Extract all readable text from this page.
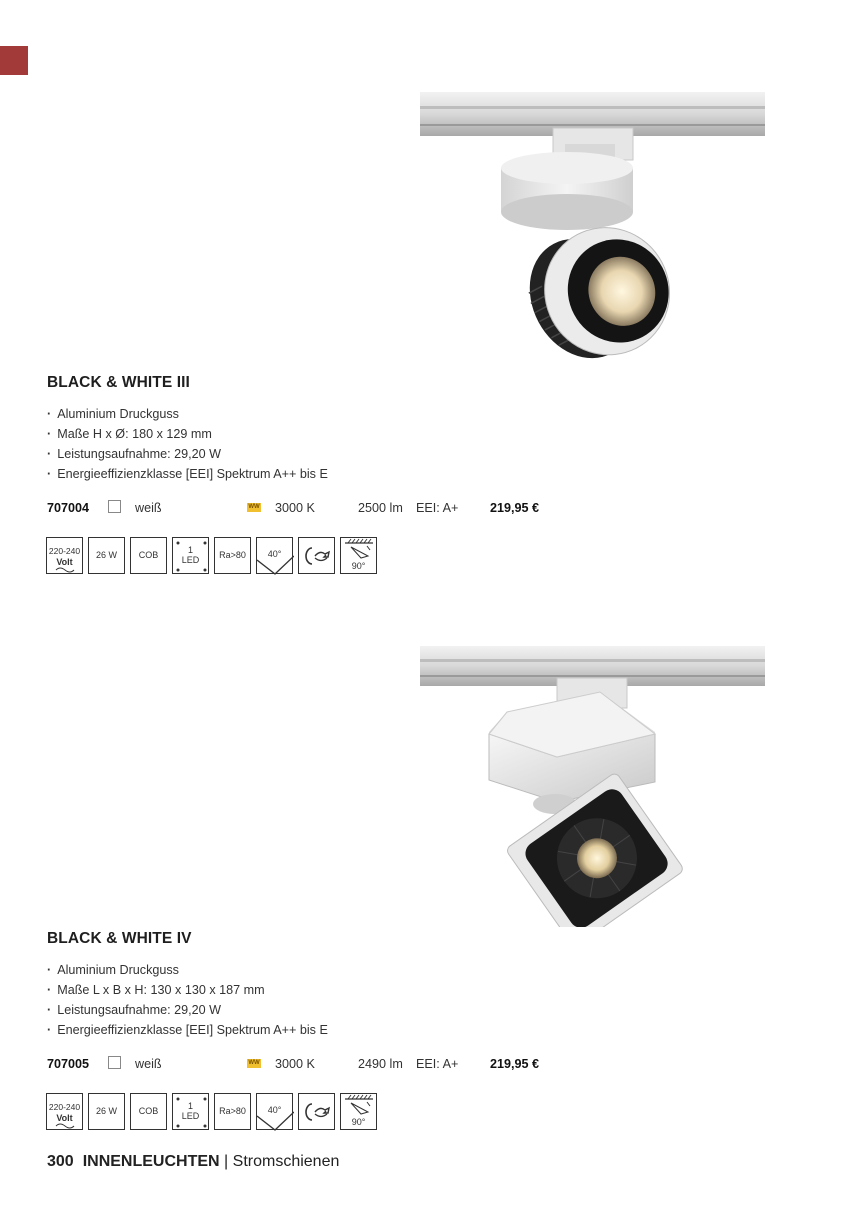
BLACK & WHITE III
· Aluminium Druckguss
· Maße H x Ø: 180 x 129 mm
· Leistungsaufnahme: 29,20 W
· Energieeffizienzklasse [EEI] Spektrum A++ bis E
707004	weiß	WW 3000 K	2500 lm EEI: A+	219,95 €
220-240
Volt
26 W	COB	1
LED	Ra>80	40°
90°
BLACK & WHITE IV
· Aluminium Druckguss
· Maße L x B x H: 130 x 130 x 187 mm
· Leistungsaufnahme: 29,20 W
· Energieeffizienzklasse [EEI] Spektrum A++ bis E
707005	weiß	WW 3000 K	2490 lm EEI: A+	219,95 €
220-240
Volt
26 W	COB	1
LED	Ra>80	40°
90°
300 INNENLEUCHTEN | Stromschienen
